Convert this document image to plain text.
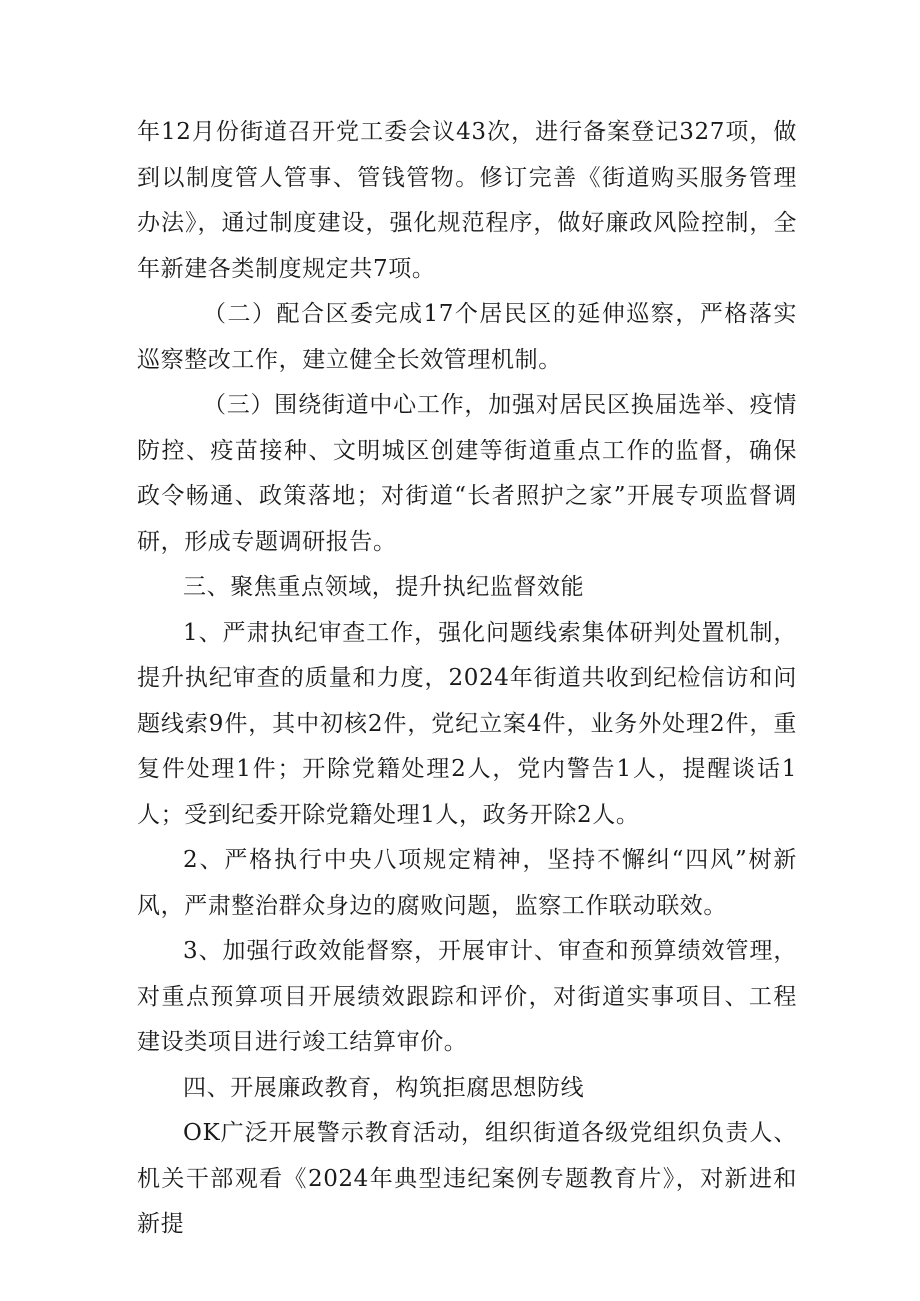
年12月份街道召开党工委会议43次，进行备案登记327项，做到以制度管人管事、管钱管物。修订完善《街道购买服务管理办法》，通过制度建设，强化规范程序，做好廉政风险控制，全年新建各类制度规定共7项。

（二）配合区委完成17个居民区的延伸巡察，严格落实巡察整改工作，建立健全长效管理机制。

（三）围绕街道中心工作，加强对居民区换届选举、疫情防控、疫苗接种、文明城区创建等街道重点工作的监督，确保政令畅通、政策落地；对街道“长者照护之家”开展专项监督调研，形成专题调研报告。

三、聚焦重点领域，提升执纪监督效能

1、严肃执纪审查工作，强化问题线索集体研判处置机制，提升执纪审查的质量和力度，2024年街道共收到纪检信访和问题线索9件，其中初核2件，党纪立案4件，业务外处理2件，重复件处理1件；开除党籍处理2人，党内警告1人，提醒谈话1人；受到纪委开除党籍处理1人，政务开除2人。

2、严格执行中央八项规定精神，坚持不懈纠“四风”树新风，严肃整治群众身边的腐败问题，监察工作联动联效。

3、加强行政效能督察，开展审计、审查和预算绩效管理，对重点预算项目开展绩效跟踪和评价，对街道实事项目、工程建设类项目进行竣工结算审价。

四、开展廉政教育，构筑拒腐思想防线

OK广泛开展警示教育活动，组织街道各级党组织负责人、机关干部观看《2024年典型违纪案例专题教育片》，对新进和新提
